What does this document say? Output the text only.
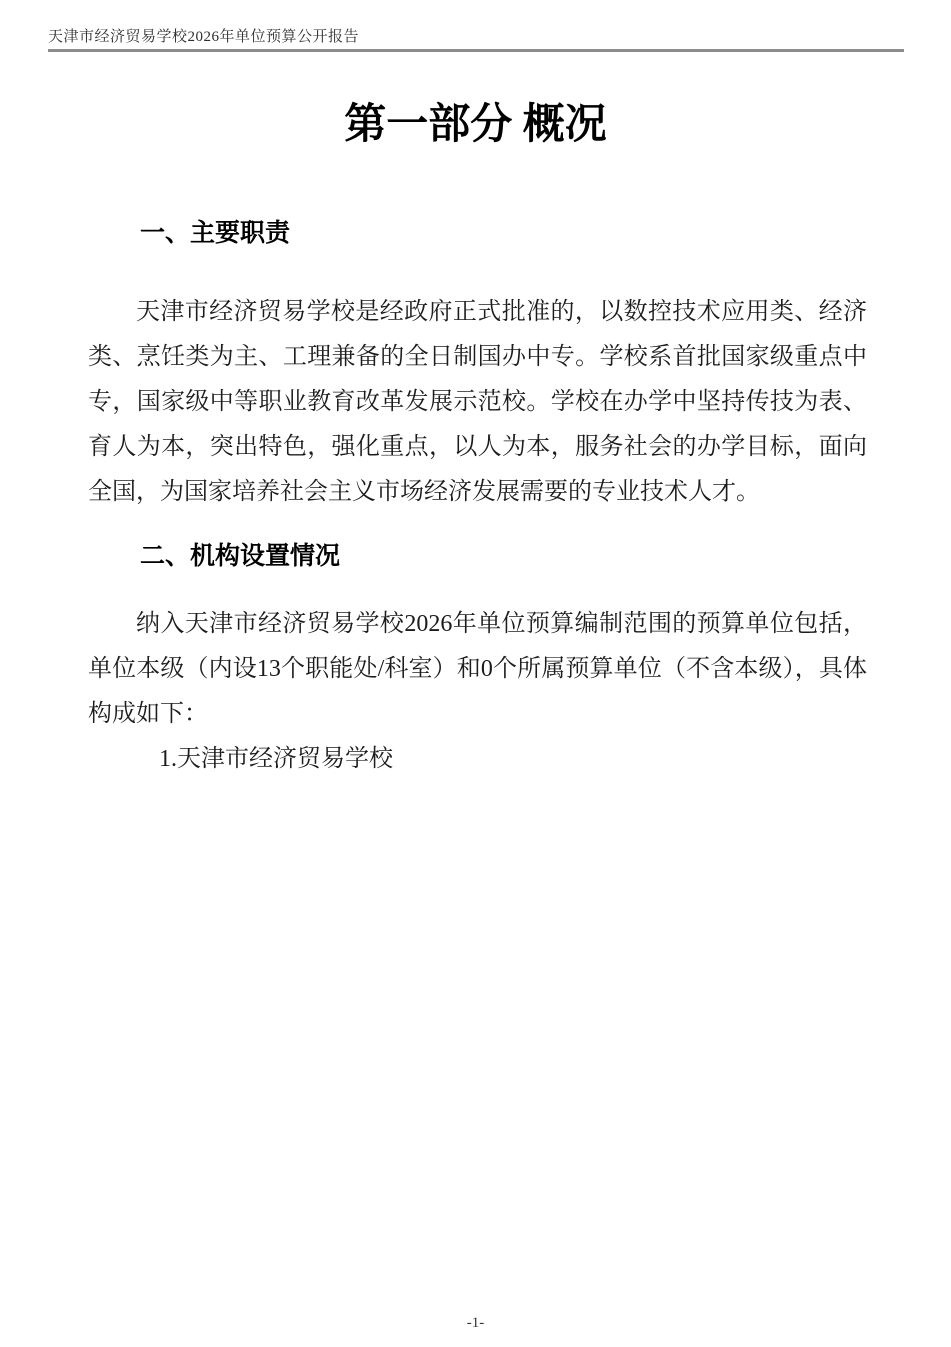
天津市经济贸易学校2026年单位预算公开报告
第一部分 概况
一、主要职责

天津市经济贸易学校是经政府正式批准的，以数控技术应用类、经济类、烹饪类为主、工理兼备的全日制国办中专。学校系首批国家级重点中专，国家级中等职业教育改革发展示范校。学校在办学中坚持传技为表、育人为本，突出特色，强化重点，以人为本，服务社会的办学目标，面向全国，为国家培养社会主义市场经济发展需要的专业技术人才。

二、机构设置情况

纳入天津市经济贸易学校2026年单位预算编制范围的预算单位包括，单位本级（内设13个职能处/科室）和0个所属预算单位（不含本级），具体构成如下：

1.天津市经济贸易学校

-1-
